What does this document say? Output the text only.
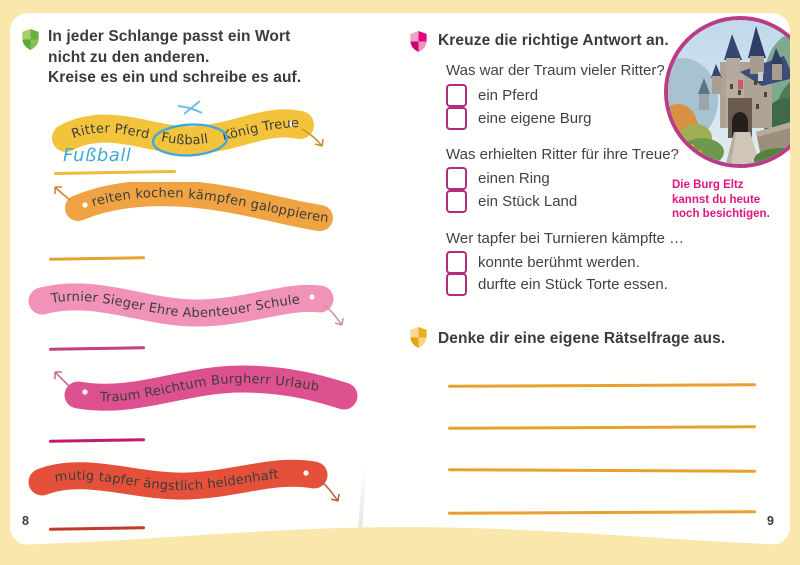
In jeder Schlange passt ein Wort
nicht zu den anderen.
Kreise es ein und schreibe es auf.
Ritter Pferd Fußball König Treue
Fußball
reiten kochen kämpfen galoppieren
Turnier Sieger Ehre Abenteuer Schule
Traum Reichtum Burgherr Urlaub
mutig tapfer ängstlich heldenhaft
8
Kreuze die richtige Antwort an.
Was war der Traum vieler Ritter?
ein Pferd
eine eigene Burg
Was erhielten Ritter für ihre Treue?
einen Ring
ein Stück Land
Wer tapfer bei Turnieren kämpfte …
konnte berühmt werden.
durfte ein Stück Torte essen.
Denke dir eine eigene Rätselfrage aus.
Die Burg Eltz
kannst du heute
noch besichtigen.
9
